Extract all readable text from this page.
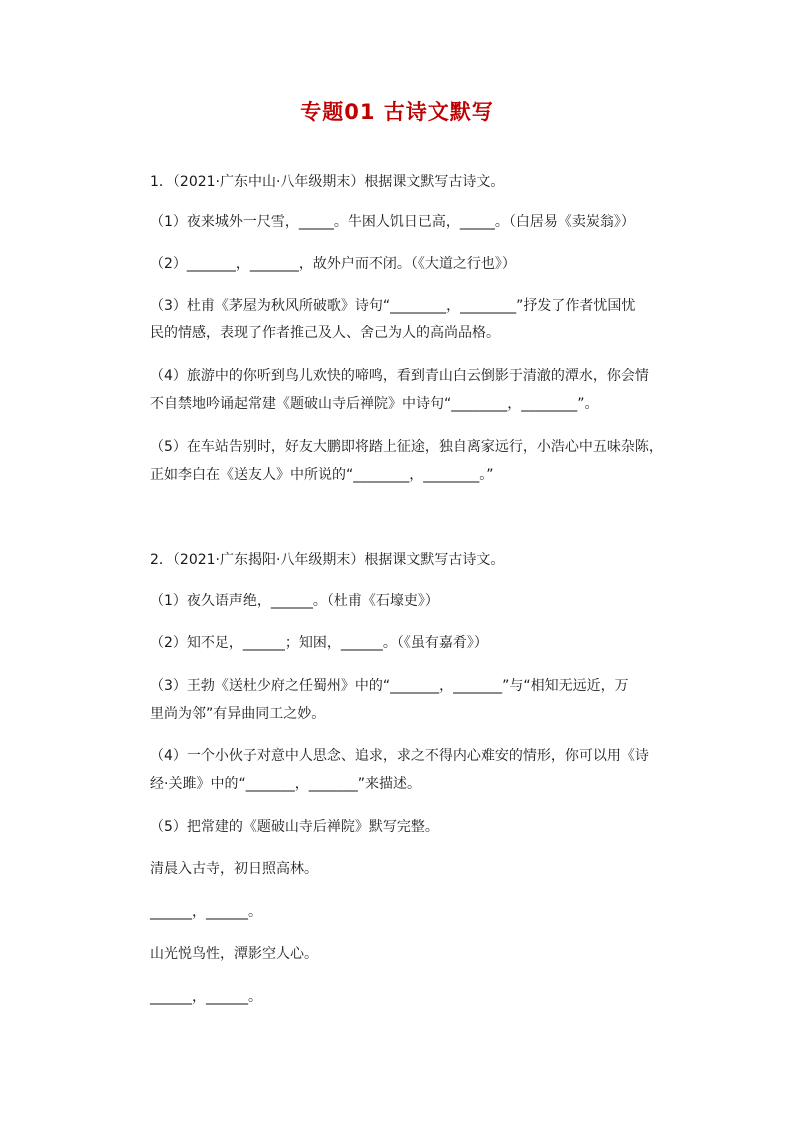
专题01 古诗文默写
1．（2021·广东中山·八年级期末）根据课文默写古诗文。
（1）夜来城外一尺雪，_____。牛困人饥日已高，_____。（白居易《卖炭翁》）
（2）_______，_______，故外户而不闭。（《大道之行也》）
（3）杜甫《茅屋为秋风所破歌》诗句“________，________”抒发了作者忧国忧
民的情感，表现了作者推己及人、舍己为人的高尚品格。
（4）旅游中的你听到鸟儿欢快的啼鸣，看到青山白云倒影于清澈的潭水，你会情
不自禁地吟诵起常建《题破山寺后禅院》中诗句“________，________”。
（5）在车站告别时，好友大鹏即将踏上征途，独自离家远行，小浩心中五味杂陈，
正如李白在《送友人》中所说的“________，________。”
2．（2021·广东揭阳·八年级期末）根据课文默写古诗文。
（1）夜久语声绝，______。（杜甫《石壕吏》）
（2）知不足，______；知困，______。（《虽有嘉肴》）
（3）王勃《送杜少府之任蜀州》中的“_______，_______”与“相知无远近，万
里尚为邻”有异曲同工之妙。
（4）一个小伙子对意中人思念、追求，求之不得内心难安的情形，你可以用《诗
经·关雎》中的“_______，_______”来描述。
（5）把常建的《题破山寺后禅院》默写完整。
清晨入古寺，初日照高林。
______，______。
山光悦鸟性，潭影空人心。
______，______。
